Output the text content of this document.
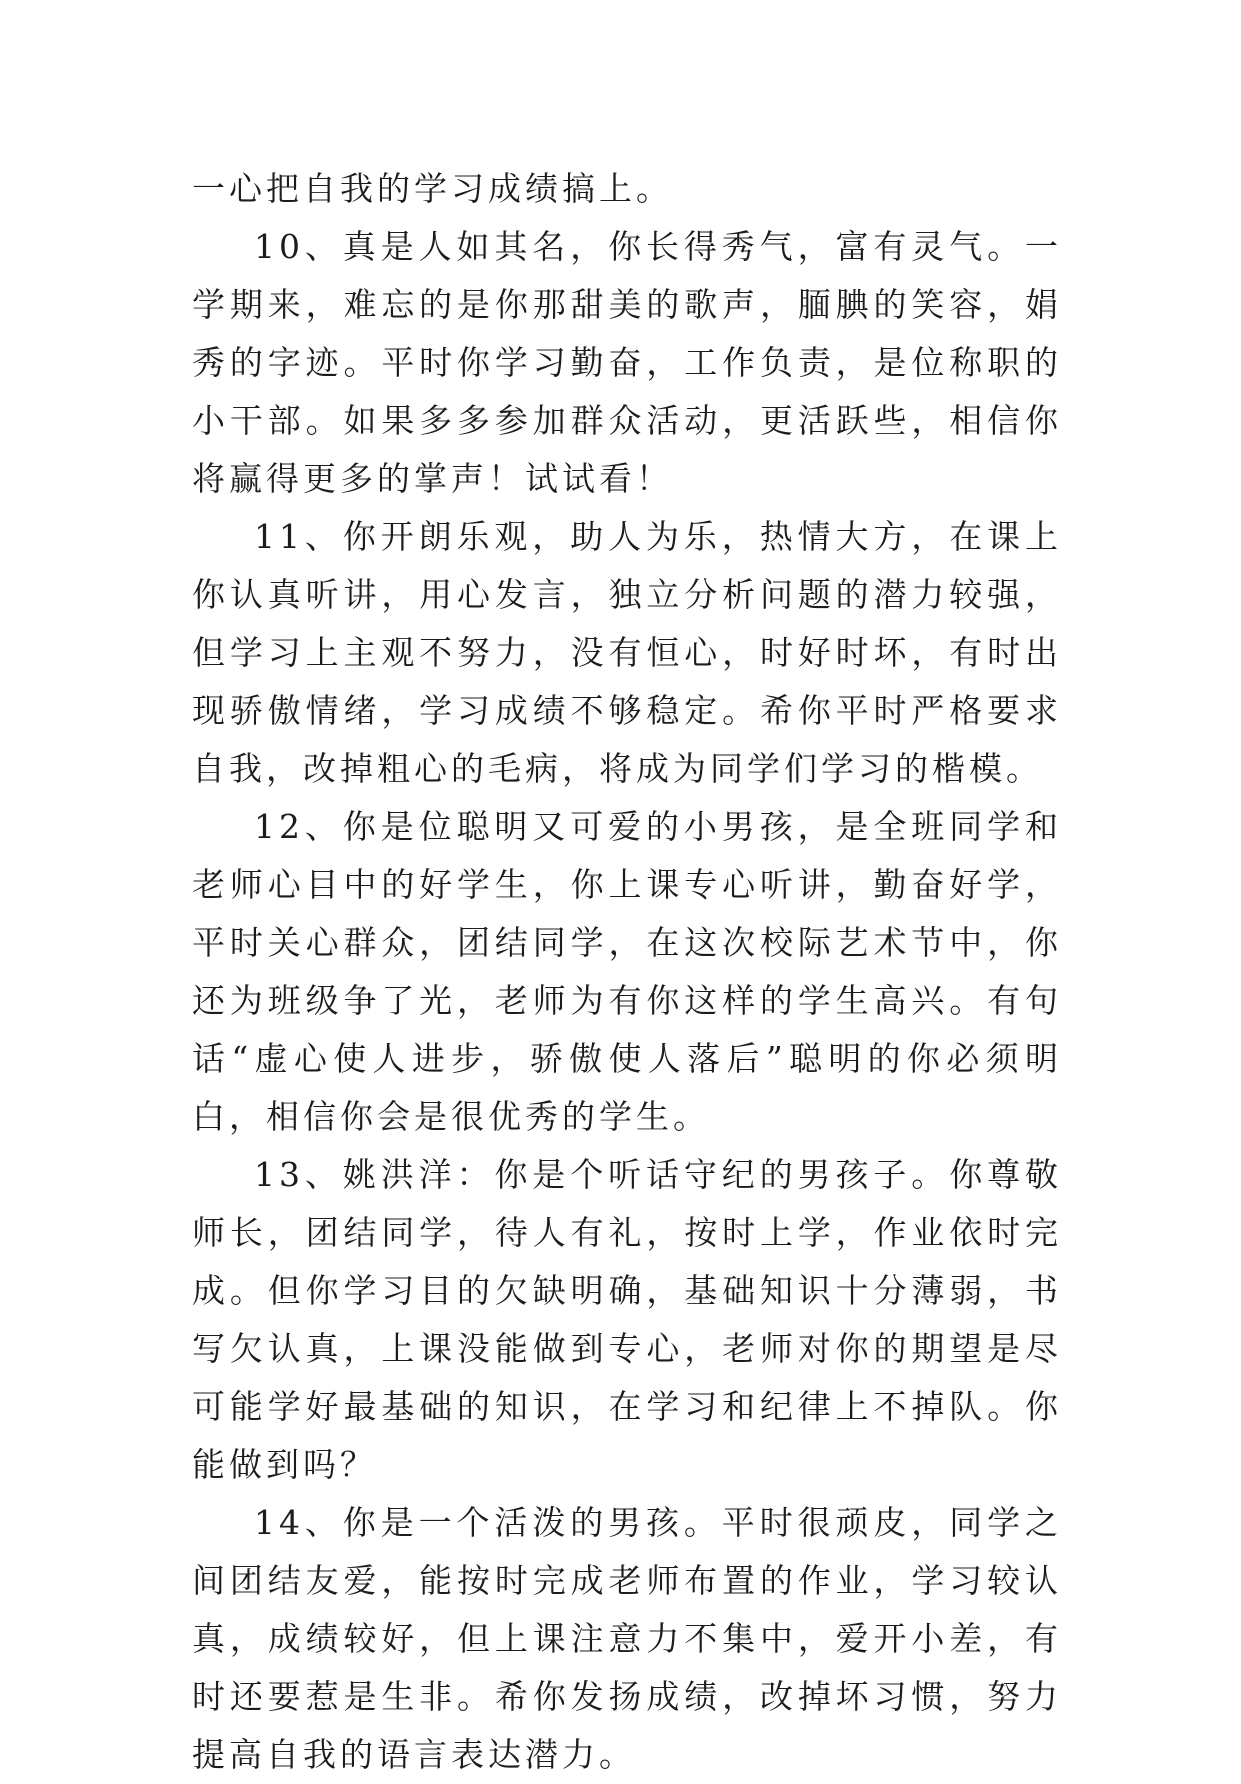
一心把自我的学习成绩搞上。

10、真是人如其名，你长得秀气，富有灵气。一学期来，难忘的是你那甜美的歌声，腼腆的笑容，娟秀的字迹。平时你学习勤奋，工作负责，是位称职的小干部。如果多多参加群众活动，更活跃些，相信你将赢得更多的掌声！试试看！

11、你开朗乐观，助人为乐，热情大方，在课上你认真听讲，用心发言，独立分析问题的潜力较强，但学习上主观不努力，没有恒心，时好时坏，有时出现骄傲情绪，学习成绩不够稳定。希你平时严格要求自我，改掉粗心的毛病，将成为同学们学习的楷模。

12、你是位聪明又可爱的小男孩，是全班同学和老师心目中的好学生，你上课专心听讲，勤奋好学，平时关心群众，团结同学，在这次校际艺术节中，你还为班级争了光，老师为有你这样的学生高兴。有句话“虚心使人进步，骄傲使人落后”聪明的你必须明白，相信你会是很优秀的学生。

13、姚洪洋：你是个听话守纪的男孩子。你尊敬师长，团结同学，待人有礼，按时上学，作业依时完成。但你学习目的欠缺明确，基础知识十分薄弱，书写欠认真，上课没能做到专心，老师对你的期望是尽可能学好最基础的知识，在学习和纪律上不掉队。你能做到吗？

14、你是一个活泼的男孩。平时很顽皮，同学之间团结友爱，能按时完成老师布置的作业，学习较认真，成绩较好，但上课注意力不集中，爱开小差，有时还要惹是生非。希你发扬成绩，改掉坏习惯，努力提高自我的语言表达潜力。
